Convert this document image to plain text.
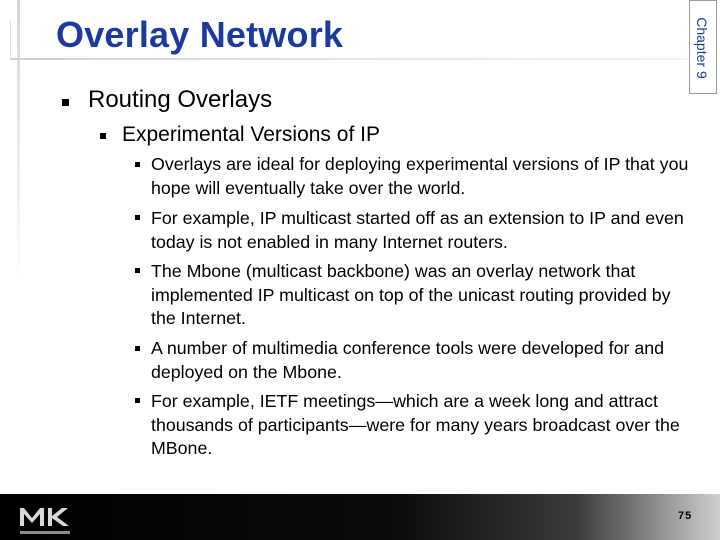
Overlay Network	Chapter 9
Routing Overlays
Experimental Versions of IP
Overlays are ideal for deploying experimental versions of IP that you hope will eventually take over the world.
For example, IP multicast started off as an extension to IP and even today is not enabled in many Internet routers.
The Mbone (multicast backbone) was an overlay network that implemented IP multicast on top of the unicast routing provided by the Internet.
A number of multimedia conference tools were developed for and deployed on the Mbone.
For example, IETF meetings—which are a week long and attract thousands of participants—were for many years broadcast over the MBone.
75
